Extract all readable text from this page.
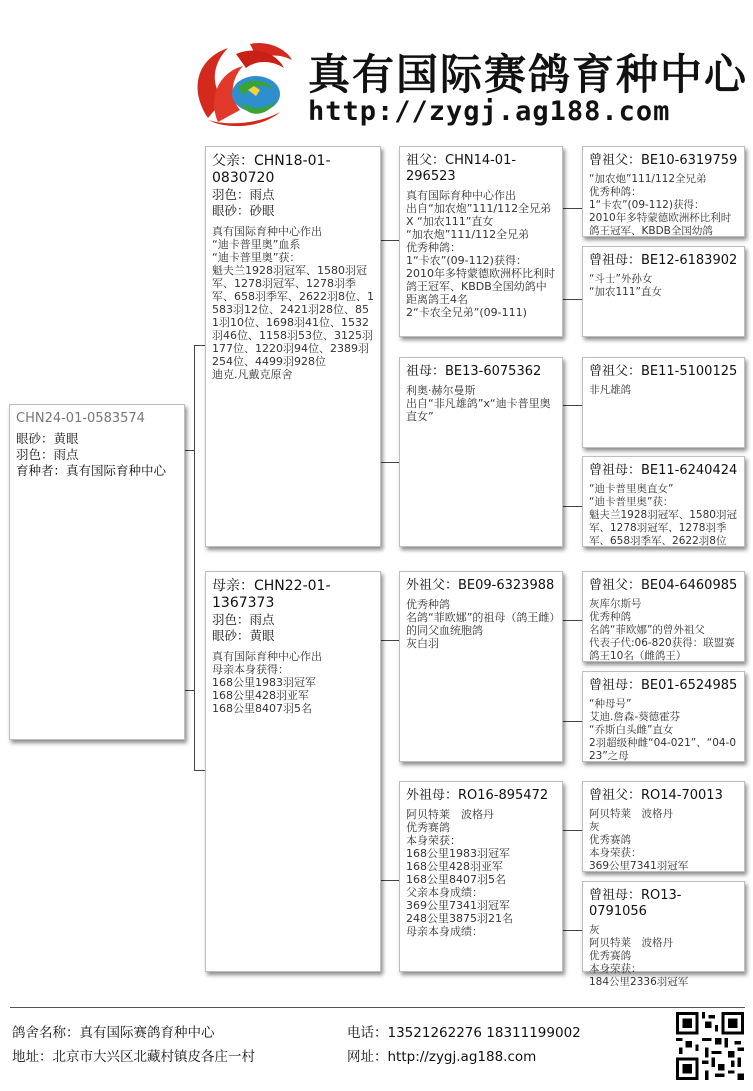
真有国际赛鸽育种中心
http://zygj.ag188.com
CHN24-01-0583574
眼砂：黄眼
羽色：雨点
育种者：真有国际育种中心
父亲：CHN18-01-0830720
羽色：雨点
眼砂：砂眼
真有国际育种中心作出
“迪卡普里奥”血系
“迪卡普里奥”获：
魁夫兰1928羽冠军、1580羽冠军、1278羽冠军、1278羽季军、658羽季军、2622羽8位、1583羽12位、2421羽28位、851羽10位、1698羽41位、1532羽46位、1158羽53位、3125羽177位、1220羽94位、2389羽254位、4499羽928位
迪克.凡戴克原舍
母亲：CHN22-01-1367373
羽色：雨点
眼砂：黄眼
真有国际育种中心作出
母亲本身获得：
168公里1983羽冠军
168公里428羽亚军
168公里8407羽5名
祖父：CHN14-01-296523
真有国际育种中心作出
出自“加农炮”111/112全兄弟 X “加农111”直女
“加农炮”111/112全兄弟
优秀种鸽：
1“卡农”(09-112)获得：
2010年多特蒙德欧洲杯比利时鸽王冠军、KBDB全国幼鸽中距离鸽王4名
2“卡农全兄弟”(09-111)
祖母：BE13-6075362
利奥·赫尔曼斯
出自“非凡雄鸽”x“迪卡普里奥直女”
外祖父：BE09-6323988
优秀种鸽
名鸽“菲欧娜”的祖母（鸽王雌）的同父血统胞鸽
灰白羽
外祖母：RO16-895472
阿贝特莱　波格丹
优秀赛鸽
本身荣获：
168公里1983羽冠军
168公里428羽亚军
168公里8407羽5名
父亲本身成绩：
369公里7341羽冠军
248公里3875羽21名
母亲本身成绩：
曾祖父：BE10-6319759
“加农炮”111/112全兄弟
优秀种鸽：
1“卡农”(09-112)获得：
2010年多特蒙德欧洲杯比利时鸽王冠军、KBDB全国幼鸽
曾祖母：BE12-6183902
“斗士”外孙女
“加农111”直女
曾祖父：BE11-5100125
非凡雄鸽
曾祖母：BE11-6240424
“迪卡普里奥直女”
“迪卡普里奥”获：
魁夫兰1928羽冠军、1580羽冠军、1278羽冠军、1278羽季军、658羽季军、2622羽8位
曾祖父：BE04-6460985
灰库尔斯号
优秀种鸽
名鸽“菲欧娜”的曾外祖父
代表子代:06-820获得：联盟赛鸽王10名（雌鸽王）
曾祖母：BE01-6524985
“种母号”
艾迪.詹森-葵德霍芬
“乔斯白头雌”直女
2羽超级种雌“04-021”、“04-023”之母
曾祖父：RO14-70013
阿贝特莱　波格丹
灰
优秀赛鸽
本身荣获：
369公里7341羽冠军
曾祖母：RO13-0791056
灰
阿贝特莱　波格丹
优秀赛鸽
本身荣获：
184公里2336羽冠军
鸽舍名称：真有国际赛鸽育种中心
地址：北京市大兴区北藏村镇皮各庄一村
电话：13521262276 18311199002
网址：http://zygj.ag188.com
